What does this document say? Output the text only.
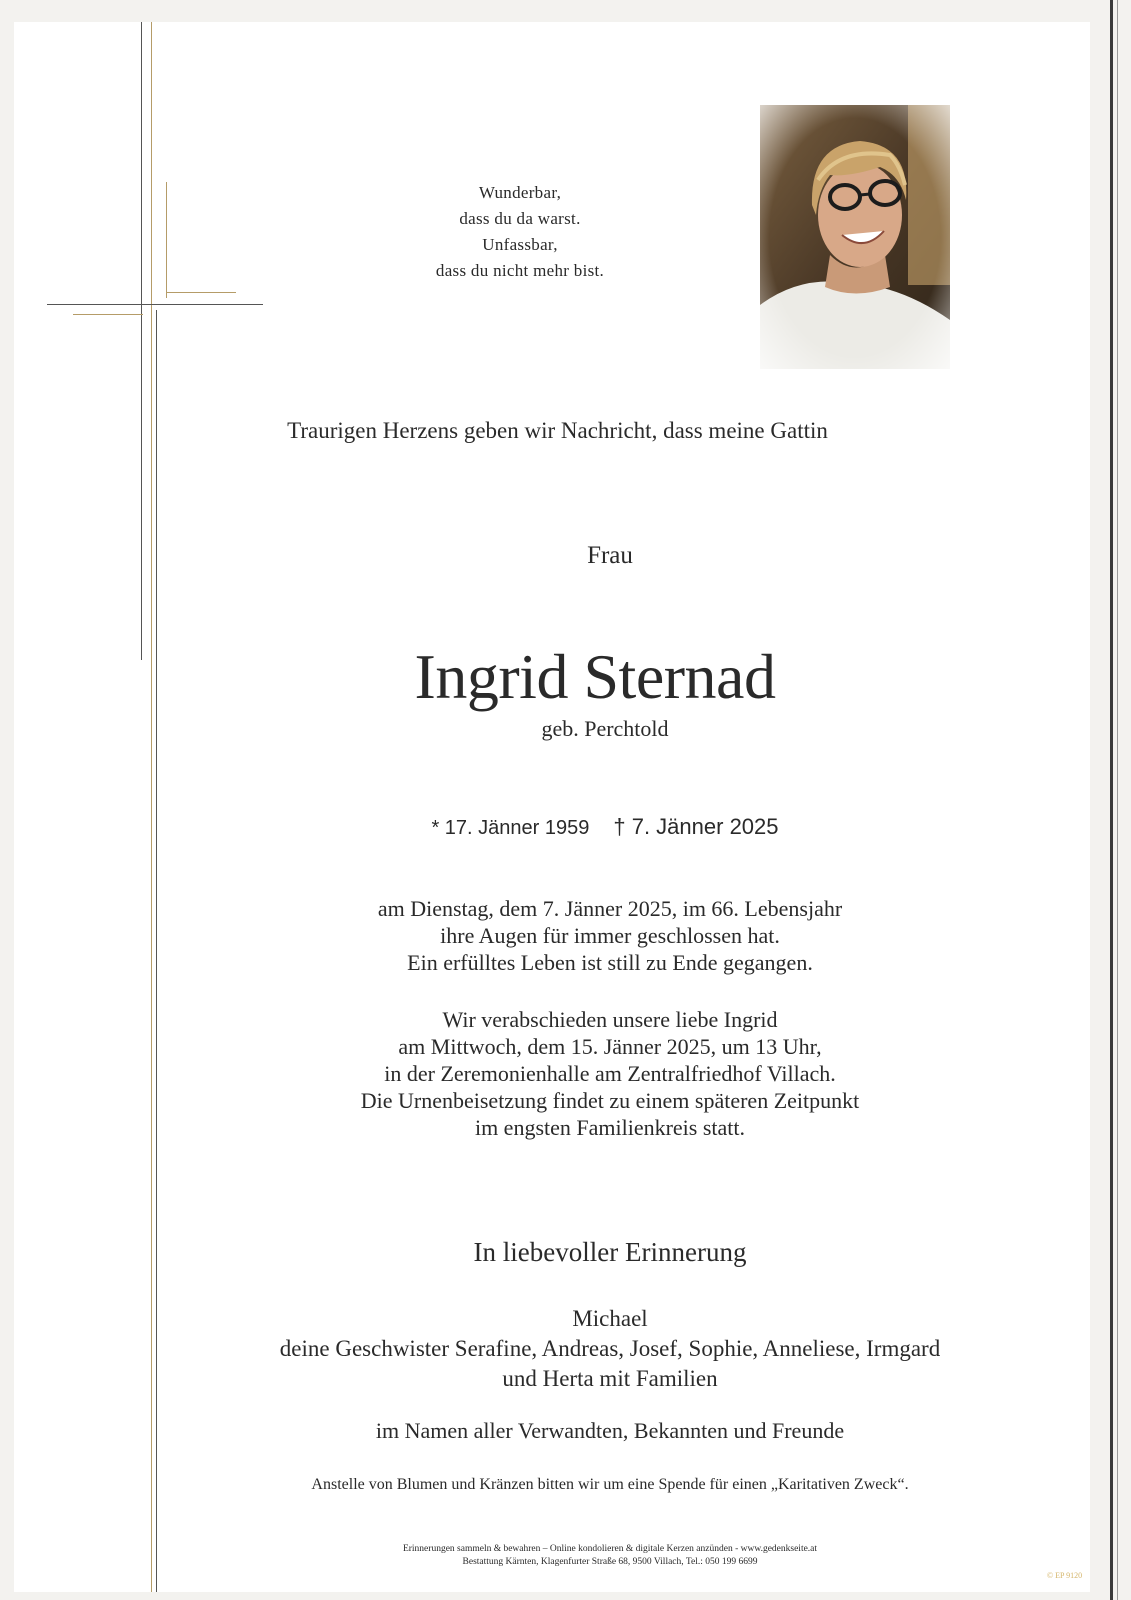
Wunderbar,
dass du da warst.
Unfassbar,
dass du nicht mehr bist.
Traurigen Herzens geben wir Nachricht, dass meine Gattin
Frau
Ingrid Sternad
geb. Perchtold
* 17. Jänner 1959 † 7. Jänner 2025
am Dienstag, dem 7. Jänner 2025, im 66. Lebensjahr
ihre Augen für immer geschlossen hat.
Ein erfülltes Leben ist still zu Ende gegangen.
Wir verabschieden unsere liebe Ingrid
am Mittwoch, dem 15. Jänner 2025, um 13 Uhr,
in der Zeremonienhalle am Zentralfriedhof Villach.
Die Urnenbeisetzung findet zu einem späteren Zeitpunkt
im engsten Familienkreis statt.
In liebevoller Erinnerung
Michael
deine Geschwister Serafine, Andreas, Josef, Sophie, Anneliese, Irmgard
und Herta mit Familien
im Namen aller Verwandten, Bekannten und Freunde
Anstelle von Blumen und Kränzen bitten wir um eine Spende für einen „Karitativen Zweck“.
Erinnerungen sammeln & bewahren – Online kondolieren & digitale Kerzen anzünden - www.gedenkseite.at
Bestattung Kärnten, Klagenfurter Straße 68, 9500 Villach, Tel.: 050 199 6699
© EP 9120
